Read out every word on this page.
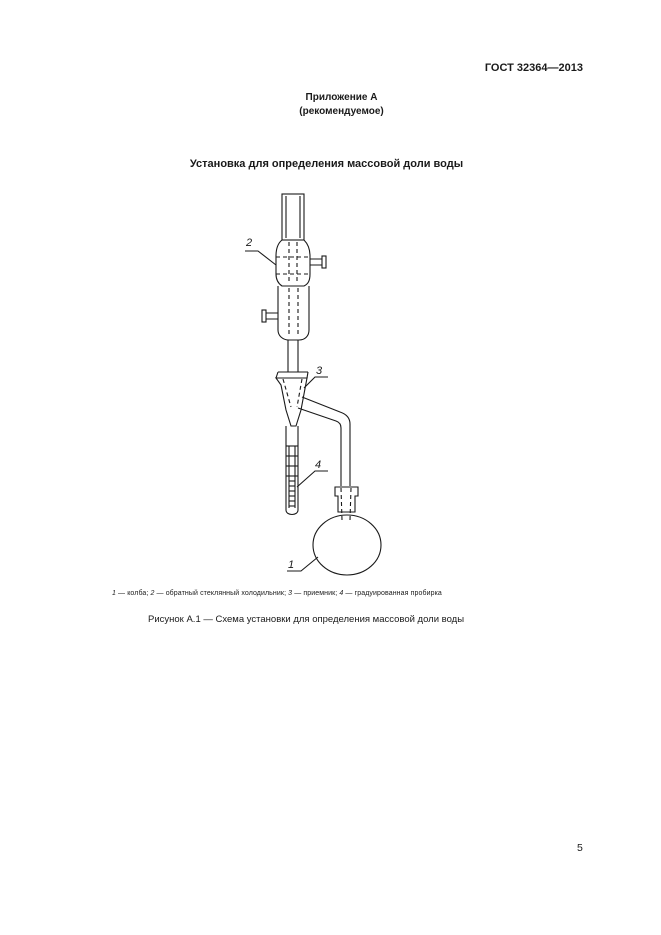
ГОСТ 32364—2013
Приложение А
(рекомендуемое)
Установка для определения массовой доли воды
2
3
4
1
1 — колба; 2 — обратный стеклянный холодильник; 3 — приемник; 4 — градуированная пробирка
Рисунок А.1 — Схема установки для определения массовой доли воды
5
